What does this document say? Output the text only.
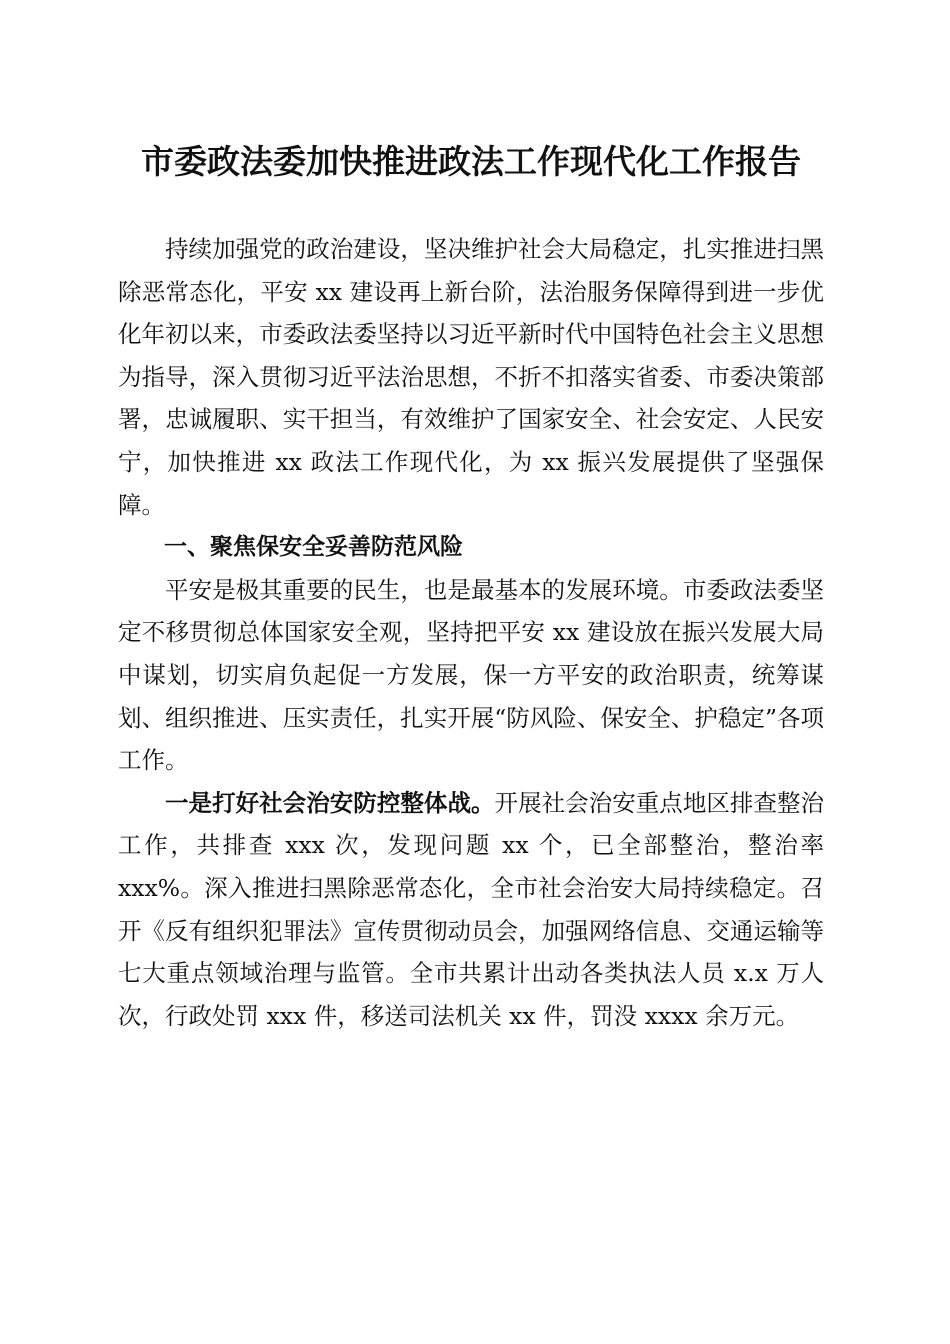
市委政法委加快推进政法工作现代化工作报告

持续加强党的政治建设，坚决维护社会大局稳定，扎实推进扫黑除恶常态化，平安 xx 建设再上新台阶，法治服务保障得到进一步优化年初以来，市委政法委坚持以习近平新时代中国特色社会主义思想为指导，深入贯彻习近平法治思想，不折不扣落实省委、市委决策部署，忠诚履职、实干担当，有效维护了国家安全、社会安定、人民安宁，加快推进 xx 政法工作现代化，为 xx 振兴发展提供了坚强保障。

一、聚焦保安全妥善防范风险

平安是极其重要的民生，也是最基本的发展环境。市委政法委坚定不移贯彻总体国家安全观，坚持把平安 xx 建设放在振兴发展大局中谋划，切实肩负起促一方发展，保一方平安的政治职责，统筹谋划、组织推进、压实责任，扎实开展“防风险、保安全、护稳定”各项工作。

一是打好社会治安防控整体战。开展社会治安重点地区排查整治工作，共排查 xxx 次，发现问题 xx 个，已全部整治，整治率 xxx%。深入推进扫黑除恶常态化，全市社会治安大局持续稳定。召开《反有组织犯罪法》宣传贯彻动员会，加强网络信息、交通运输等七大重点领域治理与监管。全市共累计出动各类执法人员 x.x 万人次，行政处罚 xxx 件，移送司法机关 xx 件，罚没 xxxx 余万元。
